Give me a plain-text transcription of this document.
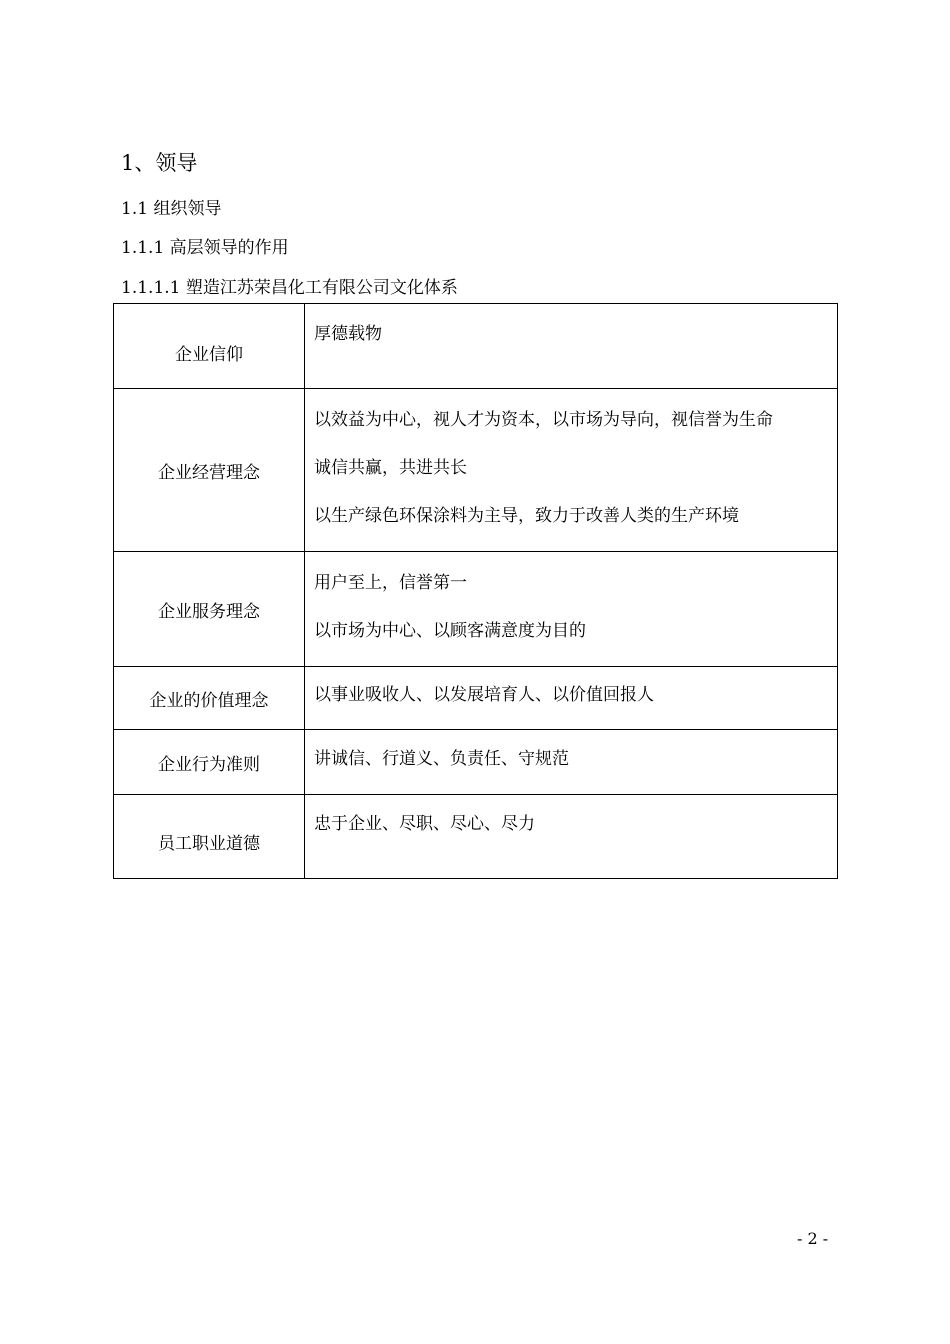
1、领导
1.1 组织领导
1.1.1 高层领导的作用
1.1.1.1 塑造江苏荣昌化工有限公司文化体系
企业信仰	厚德载物

企业经营理念	以效益为中心，视人才为资本，以市场为导向，视信誉为生命
诚信共赢，共进共长
以生产绿色环保涂料为主导，致力于改善人类的生产环境

企业服务理念	用户至上，信誉第一
以市场为中心、以顾客满意度为目的

企业的价值理念	以事业吸收人、以发展培育人、以价值回报人

企业行为准则	讲诚信、行道义、负责任、守规范

员工职业道德	忠于企业、尽职、尽心、尽力
- 2 -
